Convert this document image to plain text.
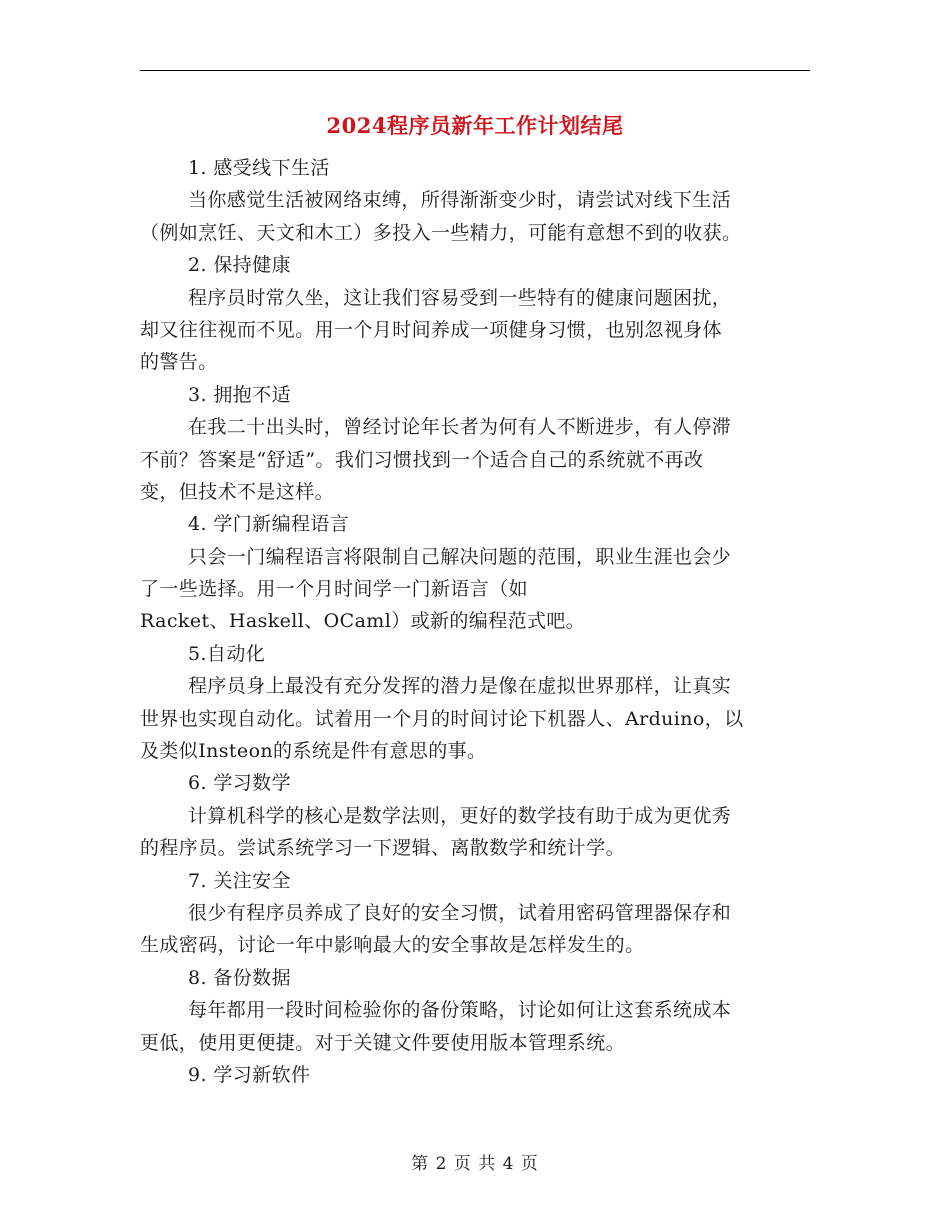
2024程序员新年工作计划结尾
1. 感受线下生活
当你感觉生活被网络束缚，所得渐渐变少时，请尝试对线下生活
（例如烹饪、天文和木工）多投入一些精力，可能有意想不到的收获。
2. 保持健康
程序员时常久坐，这让我们容易受到一些特有的健康问题困扰，
却又往往视而不见。用一个月时间养成一项健身习惯，也别忽视身体
的警告。
3. 拥抱不适
在我二十出头时，曾经讨论年长者为何有人不断进步，有人停滞
不前？答案是“舒适”。我们习惯找到一个适合自己的系统就不再改
变，但技术不是这样。
4. 学门新编程语言
只会一门编程语言将限制自己解决问题的范围，职业生涯也会少
了一些选择。用一个月时间学一门新语言（如
Racket、Haskell、OCaml）或新的编程范式吧。
5.自动化
程序员身上最没有充分发挥的潜力是像在虚拟世界那样，让真实
世界也实现自动化。试着用一个月的时间讨论下机器人、Arduino，以
及类似Insteon的系统是件有意思的事。
6. 学习数学
计算机科学的核心是数学法则，更好的数学技有助于成为更优秀
的程序员。尝试系统学习一下逻辑、离散数学和统计学。
7. 关注安全
很少有程序员养成了良好的安全习惯，试着用密码管理器保存和
生成密码，讨论一年中影响最大的安全事故是怎样发生的。
8. 备份数据
每年都用一段时间检验你的备份策略，讨论如何让这套系统成本
更低，使用更便捷。对于关键文件要使用版本管理系统。
9. 学习新软件
第 2 页 共 4 页
